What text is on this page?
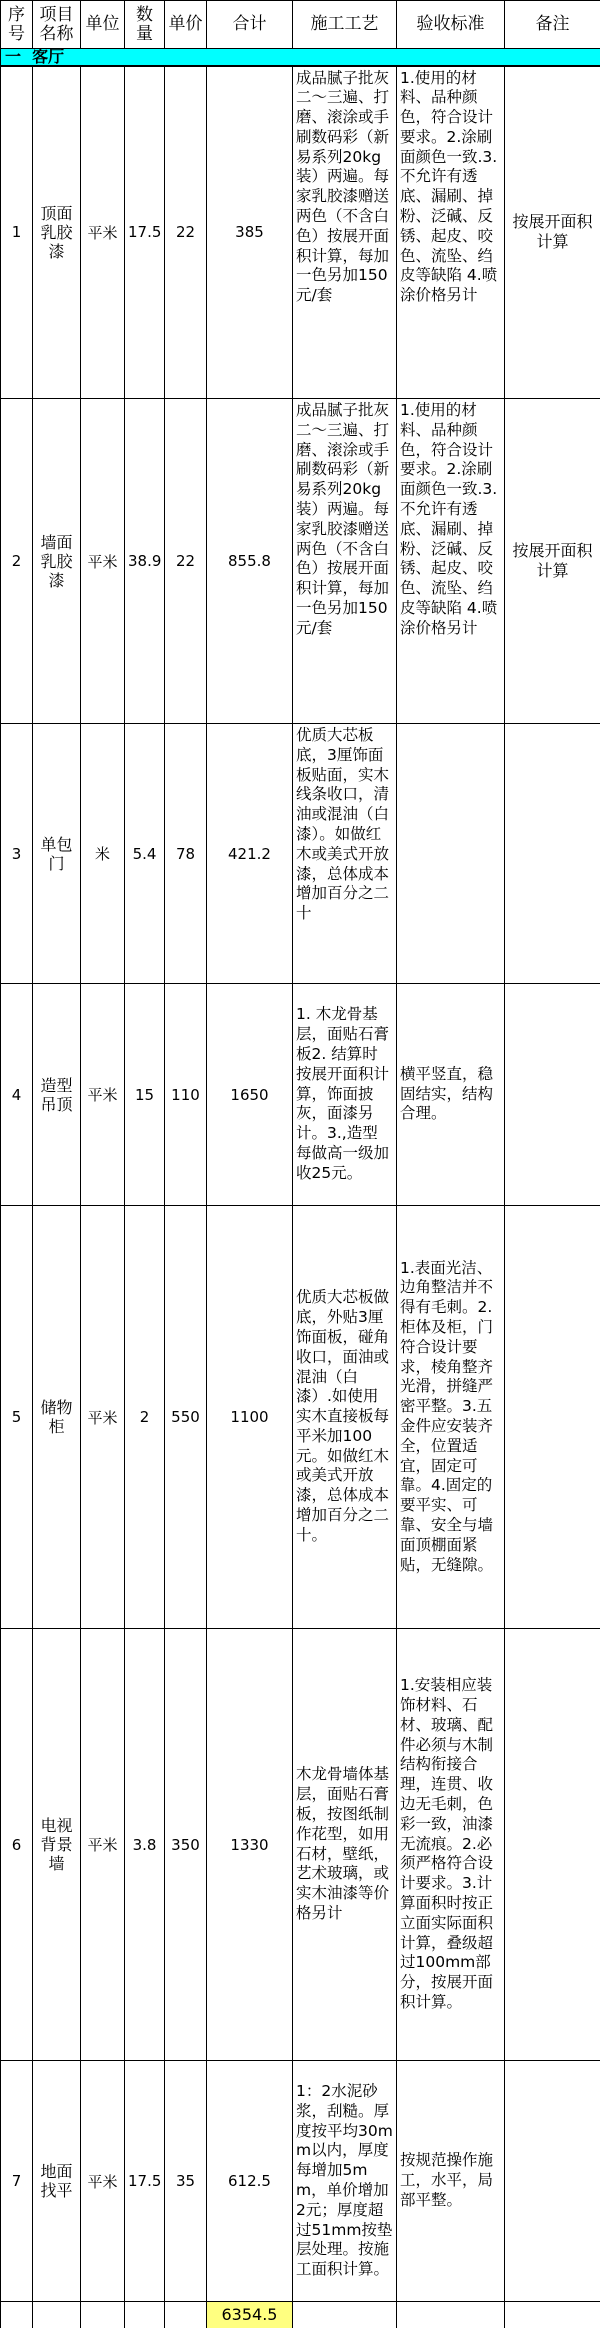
序号	项目名称	单位	数量	单价	合计	施工工艺	验收标准	备注
一 客厅								
1	顶面乳胶漆	平米	17.5	22	385	成品腻子批灰二～三遍、打磨、滚涂或手刷数码彩（新易系列20kg装）两遍。每家乳胶漆赠送两色（不含白色）按展开面积计算，每加一色另加150元/套	1.使用的材料、品种颜色，符合设计要求。2.涂刷面颜色一致.3.不允许有透底、漏刷、掉粉、泛碱、反锈、起皮、咬色、流坠、绉皮等缺陷 4.喷涂价格另计	按展开面积计算
2	墙面乳胶漆	平米	38.9	22	855.8	成品腻子批灰二～三遍、打磨、滚涂或手刷数码彩（新易系列20kg装）两遍。每家乳胶漆赠送两色（不含白色）按展开面积计算，每加一色另加150元/套	1.使用的材料、品种颜色，符合设计要求。2.涂刷面颜色一致.3.不允许有透底、漏刷、掉粉、泛碱、反锈、起皮、咬色、流坠、绉皮等缺陷 4.喷涂价格另计	按展开面积计算
3	单包门	米	5.4	78	421.2	优质大芯板底，3厘饰面板贴面，实木线条收口，清油或混油（白漆）。如做红木或美式开放漆，总体成本增加百分之二十		
4	造型吊顶	平米	15	110	1650	1. 木龙骨基层，面贴石膏板2. 结算时按展开面积计算，饰面披灰，面漆另计。3.,造型每做高一级加收25元。	横平竖直，稳固结实，结构合理。	
5	储物柜	平米	2	550	1100	优质大芯板做底，外贴3厘饰面板，碰角收口，面油或混油（白漆）.如使用实木直接板每平米加100元。如做红木或美式开放漆，总体成本增加百分之二十。	1.表面光洁、边角整洁并不得有毛刺。2.柜体及柜，门符合设计要求，棱角整齐光滑，拼缝严密平整。3.五金件应安装齐全，位置适宜，固定可靠。4.固定的要平实、可靠、安全与墙面顶棚面紧贴，无缝隙。	
6	电视背景墙	平米	3.8	350	1330	木龙骨墙体基层，面贴石膏板，按图纸制作花型，如用石材，壁纸，艺术玻璃，或实木油漆等价格另计	1.安装相应装饰材料、石材、玻璃、配件必须与木制结构衔接合理，连贯、收边无毛刺，色彩一致，油漆无流痕。2.必须严格符合设计要求。3.计算面积时按正立面实际面积计算，叠级超过100mm部分，按展开面积计算。	
7	地面找平	平米	17.5	35	612.5	1：2水泥砂浆，刮糙。厚度按平均30mm以内，厚度每增加5mm，单价增加2元；厚度超过51mm按垫层处理。按施工面积计算。	按规范操作施工，水平，局部平整。	
					6354.5			
